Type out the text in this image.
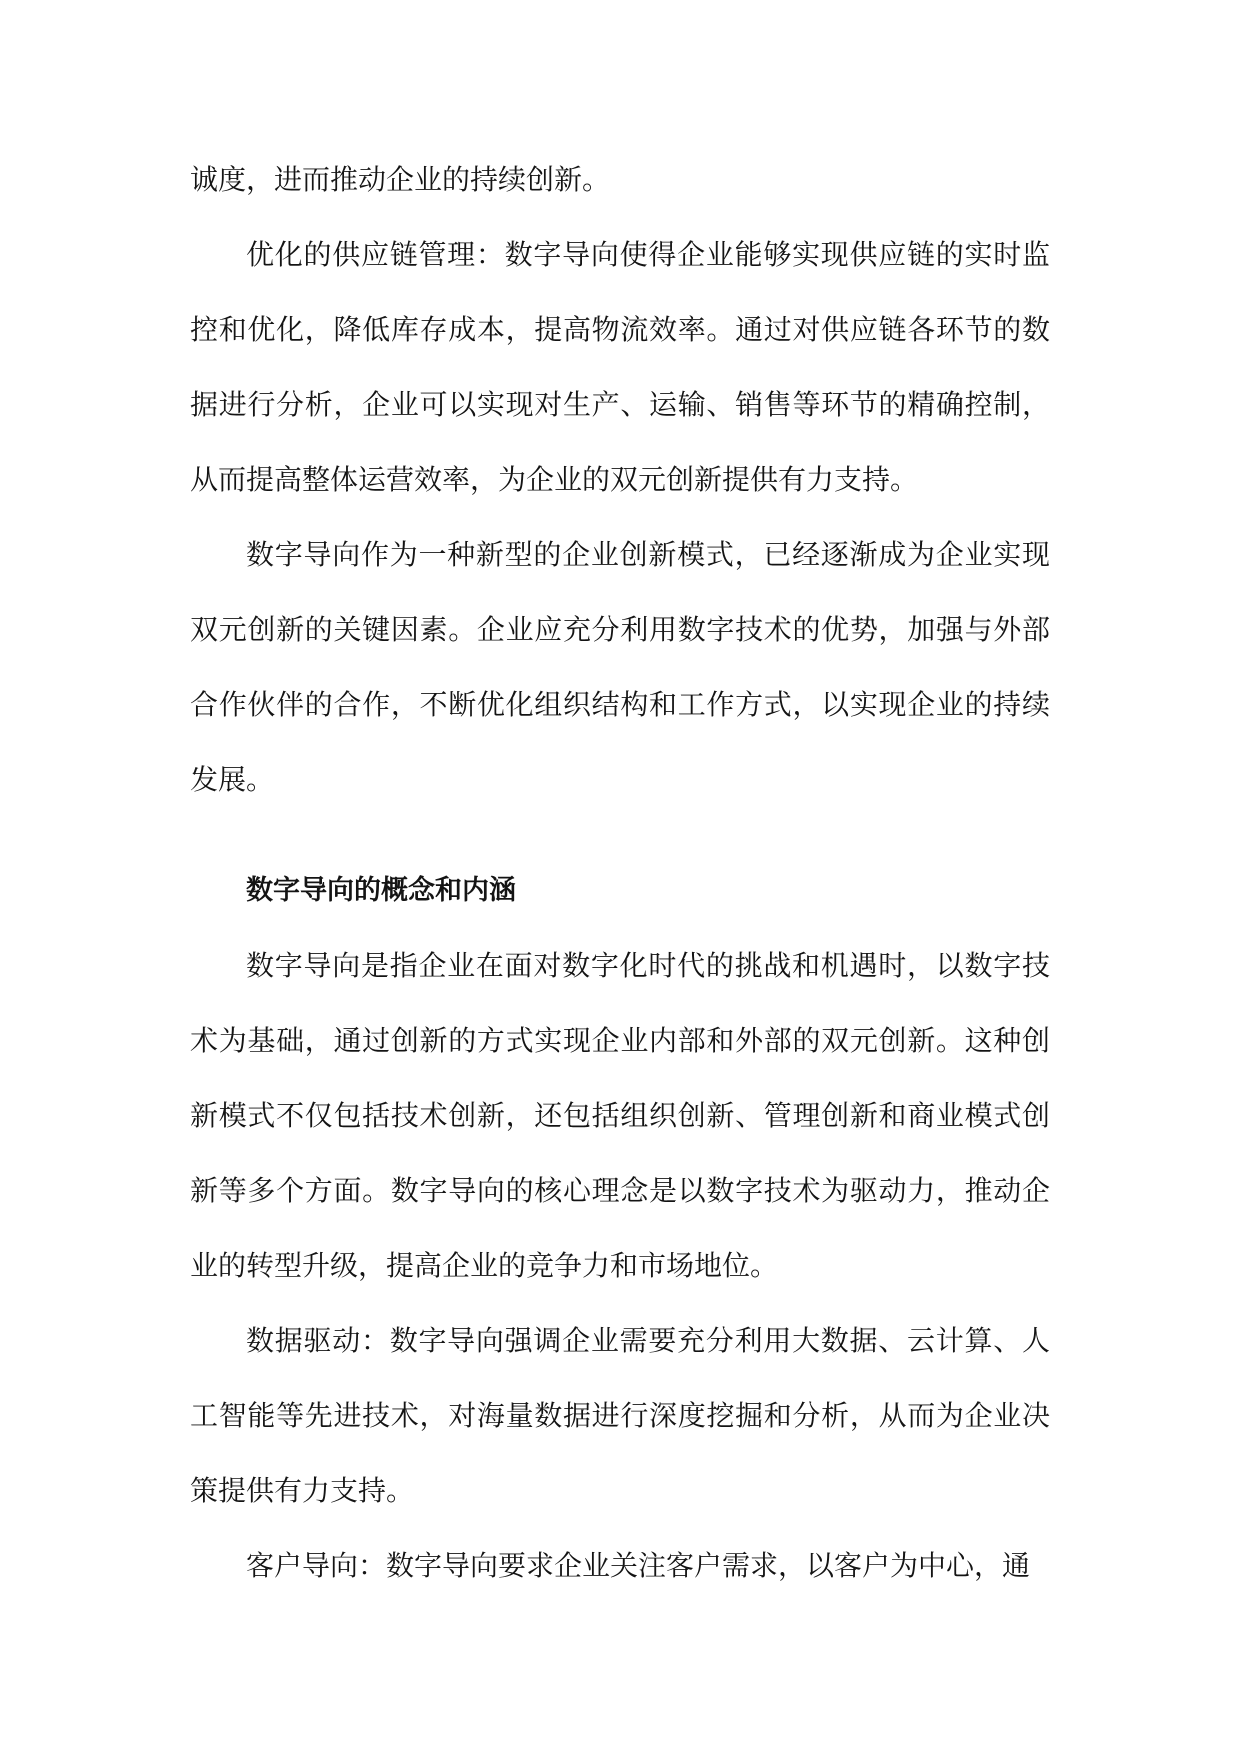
诚度，进而推动企业的持续创新。

优化的供应链管理：数字导向使得企业能够实现供应链的实时监控和优化，降低库存成本，提高物流效率。通过对供应链各环节的数据进行分析，企业可以实现对生产、运输、销售等环节的精确控制，从而提高整体运营效率，为企业的双元创新提供有力支持。

数字导向作为一种新型的企业创新模式，已经逐渐成为企业实现双元创新的关键因素。企业应充分利用数字技术的优势，加强与外部合作伙伴的合作，不断优化组织结构和工作方式，以实现企业的持续发展。

数字导向的概念和内涵

数字导向是指企业在面对数字化时代的挑战和机遇时，以数字技术为基础，通过创新的方式实现企业内部和外部的双元创新。这种创新模式不仅包括技术创新，还包括组织创新、管理创新和商业模式创新等多个方面。数字导向的核心理念是以数字技术为驱动力，推动企业的转型升级，提高企业的竞争力和市场地位。

数据驱动：数字导向强调企业需要充分利用大数据、云计算、人工智能等先进技术，对海量数据进行深度挖掘和分析，从而为企业决策提供有力支持。

客户导向：数字导向要求企业关注客户需求，以客户为中心，通
